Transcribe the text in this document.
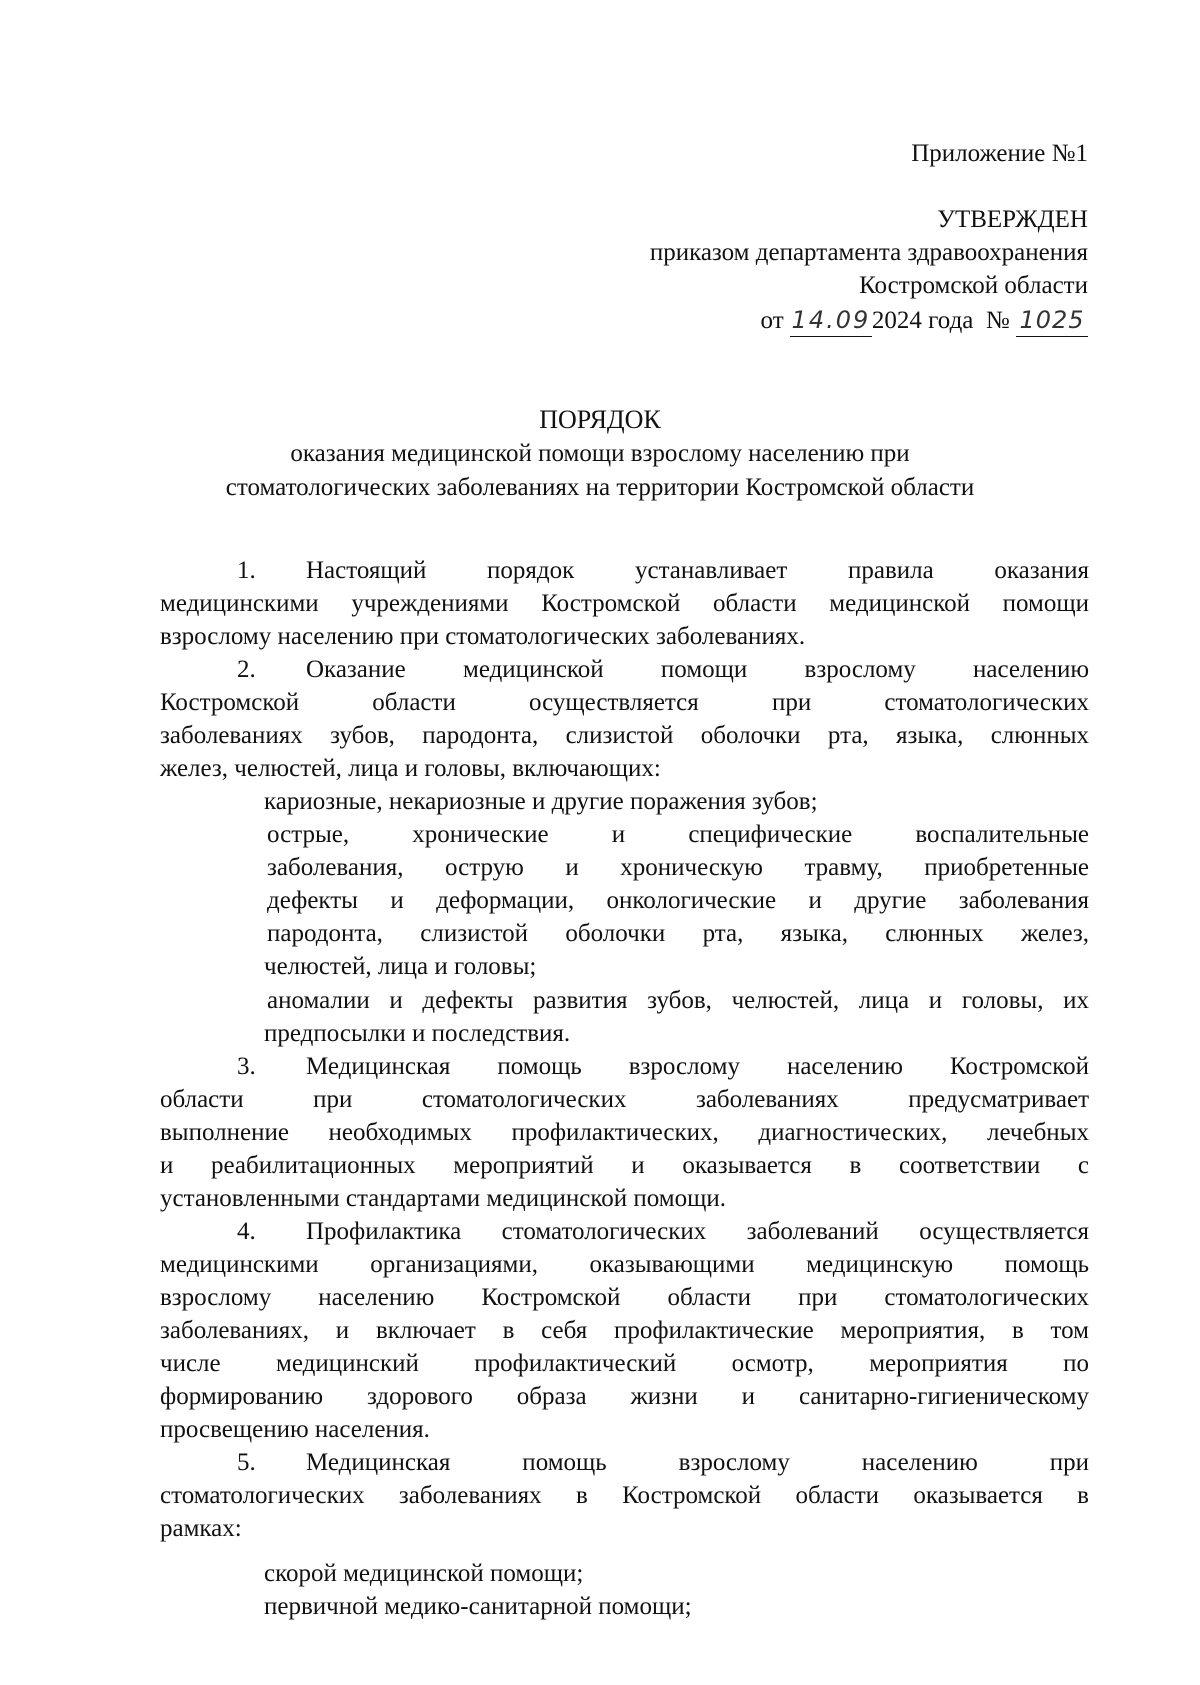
Приложение №1
УТВЕРЖДЕН
приказом департамента здравоохранения
Костромской области
от 14.092024 года № 1025
ПОРЯДОК
оказания медицинской помощи взрослому населению при
стоматологических заболеваниях на территории Костромской области
1. Настоящий порядок устанавливает правила оказания
медицинскими учреждениями Костромской области медицинской помощи
взрослому населению при стоматологических заболеваниях.
2. Оказание медицинской помощи взрослому населению
Костромской области осуществляется при стоматологических
заболеваниях зубов, пародонта, слизистой оболочки рта, языка, слюнных
желез, челюстей, лица и головы, включающих:
кариозные, некариозные и другие поражения зубов;
острые, хронические и специфические воспалительные
заболевания, острую и хроническую травму, приобретенные
дефекты и деформации, онкологические и другие заболевания
пародонта, слизистой оболочки рта, языка, слюнных желез,
челюстей, лица и головы;
аномалии и дефекты развития зубов, челюстей, лица и головы, их
предпосылки и последствия.
3. Медицинская помощь взрослому населению Костромской
области при стоматологических заболеваниях предусматривает
выполнение необходимых профилактических, диагностических, лечебных
и реабилитационных мероприятий и оказывается в соответствии с
установленными стандартами медицинской помощи.
4. Профилактика стоматологических заболеваний осуществляется
медицинскими организациями, оказывающими медицинскую помощь
взрослому населению Костромской области при стоматологических
заболеваниях, и включает в себя профилактические мероприятия, в том
числе медицинский профилактический осмотр, мероприятия по
формированию здорового образа жизни и санитарно-гигиеническому
просвещению населения.
5. Медицинская помощь взрослому населению при
стоматологических заболеваниях в Костромской области оказывается в
рамках:
скорой медицинской помощи;
первичной медико-санитарной помощи;
